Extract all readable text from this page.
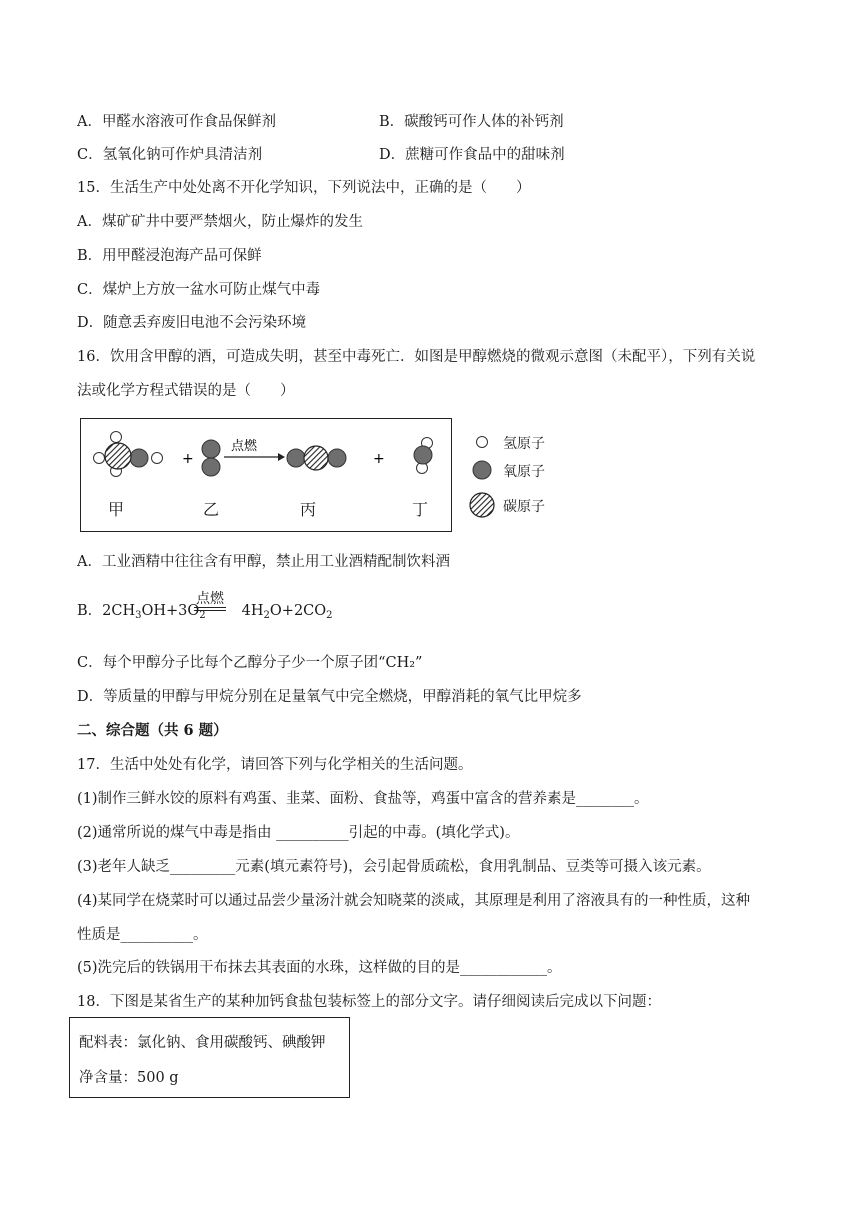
A．甲醛水溶液可作食品保鲜剂	B．碳酸钙可作人体的补钙剂
C．氢氧化钠可作炉具清洁剂	D．蔗糖可作食品中的甜味剂
15．生活生产中处处离不开化学知识，下列说法中，正确的是（　　）
A．煤矿矿井中要严禁烟火，防止爆炸的发生
B．用甲醛浸泡海产品可保鲜
C．煤炉上方放一盆水可防止煤气中毒
D．随意丢弃废旧电池不会污染环境
16．饮用含甲醇的酒，可造成失明，甚至中毒死亡．如图是甲醇燃烧的微观示意图（未配平），下列有关说
法或化学方程式错误的是（　　）
+
点燃
+
甲	乙	丙	丁
氢原子
氧原子
碳原子
A．工业酒精中往往含有甲醇，禁止用工业酒精配制饮料酒
B．$2CH_3OH+3O_2$ $4H_2O+2CO_2$
点燃
C．每个甲醇分子比每个乙醇分子少一个原子团“CH₂”
D．等质量的甲醇与甲烷分别在足量氧气中完全燃烧，甲醇消耗的氧气比甲烷多
二、综合题（共 6 题）
17．生活中处处有化学，请回答下列与化学相关的生活问题。
(1)制作三鲜水饺的原料有鸡蛋、韭菜、面粉、食盐等，鸡蛋中富含的营养素是________。
(2)通常所说的煤气中毒是指由 __________引起的中毒。(填化学式)。
(3)老年人缺乏_________元素(填元素符号)，会引起骨质疏松，食用乳制品、豆类等可摄入该元素。
(4)某同学在烧菜时可以通过品尝少量汤汁就会知晓菜的淡咸，其原理是利用了溶液具有的一种性质，这种
性质是__________。
(5)洗完后的铁锅用干布抹去其表面的水珠，这样做的目的是____________。
18．下图是某省生产的某种加钙食盐包装标签上的部分文字。请仔细阅读后完成以下问题：
配料表：氯化钠、食用碳酸钙、碘酸钾
净含量：500 g
